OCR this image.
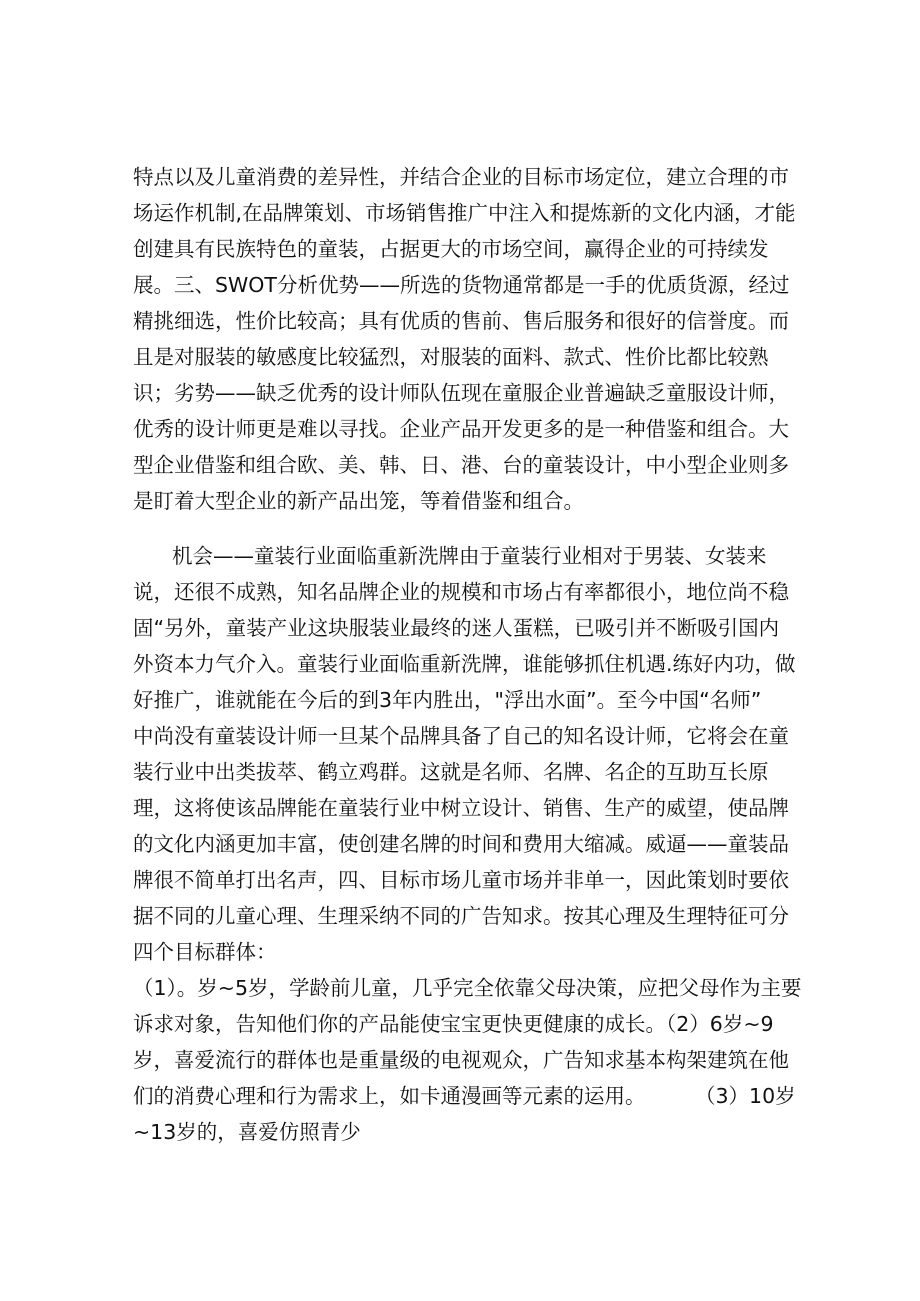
特点以及儿童消费的差异性，并结合企业的目标市场定位，建立合理的市
场运作机制,在品牌策划、市场销售推广中注入和提炼新的文化内涵，才能
创建具有民族特色的童装，占据更大的市场空间，赢得企业的可持续发
展。三、SWOT分析优势——所选的货物通常都是一手的优质货源，经过
精挑细选，性价比较高；具有优质的售前、售后服务和很好的信誉度。而
且是对服装的敏感度比较猛烈，对服装的面料、款式、性价比都比较熟
识；劣势——缺乏优秀的设计师队伍现在童服企业普遍缺乏童服设计师，
优秀的设计师更是难以寻找。企业产品开发更多的是一种借鉴和组合。大
型企业借鉴和组合欧、美、韩、日、港、台的童装设计，中小型企业则多
是盯着大型企业的新产品出笼，等着借鉴和组合。
机会——童装行业面临重新洗牌由于童装行业相对于男装、女装来
说，还很不成熟，知名品牌企业的规模和市场占有率都很小，地位尚不稳
固“另外，童装产业这块服装业最终的迷人蛋糕，已吸引并不断吸引国内
外资本力气介入。童装行业面临重新洗牌，谁能够抓住机遇.练好内功，做
好推广，谁就能在今后的到3年内胜出，"浮出水面”。至今中国“名师”
中尚没有童装设计师一旦某个品牌具备了自己的知名设计师，它将会在童
装行业中出类拔萃、鹤立鸡群。这就是名师、名牌、名企的互助互长原
理，这将使该品牌能在童装行业中树立设计、销售、生产的威望，使品牌
的文化内涵更加丰富，使创建名牌的时间和费用大缩减。威逼——童装品
牌很不简单打出名声，四、目标市场儿童市场并非单一，因此策划时要依
据不同的儿童心理、生理采纳不同的广告知求。按其心理及生理特征可分
四个目标群体：
（1）。岁~5岁，学龄前儿童，几乎完全依靠父母决策，应把父母作为主要
诉求对象，告知他们你的产品能使宝宝更快更健康的成长。（2）6岁~9
岁，喜爱流行的群体也是重量级的电视观众，广告知求基本构架建筑在他
们的消费心理和行为需求上，如卡通漫画等元素的运用。 （3）10岁
~13岁的，喜爱仿照青少
